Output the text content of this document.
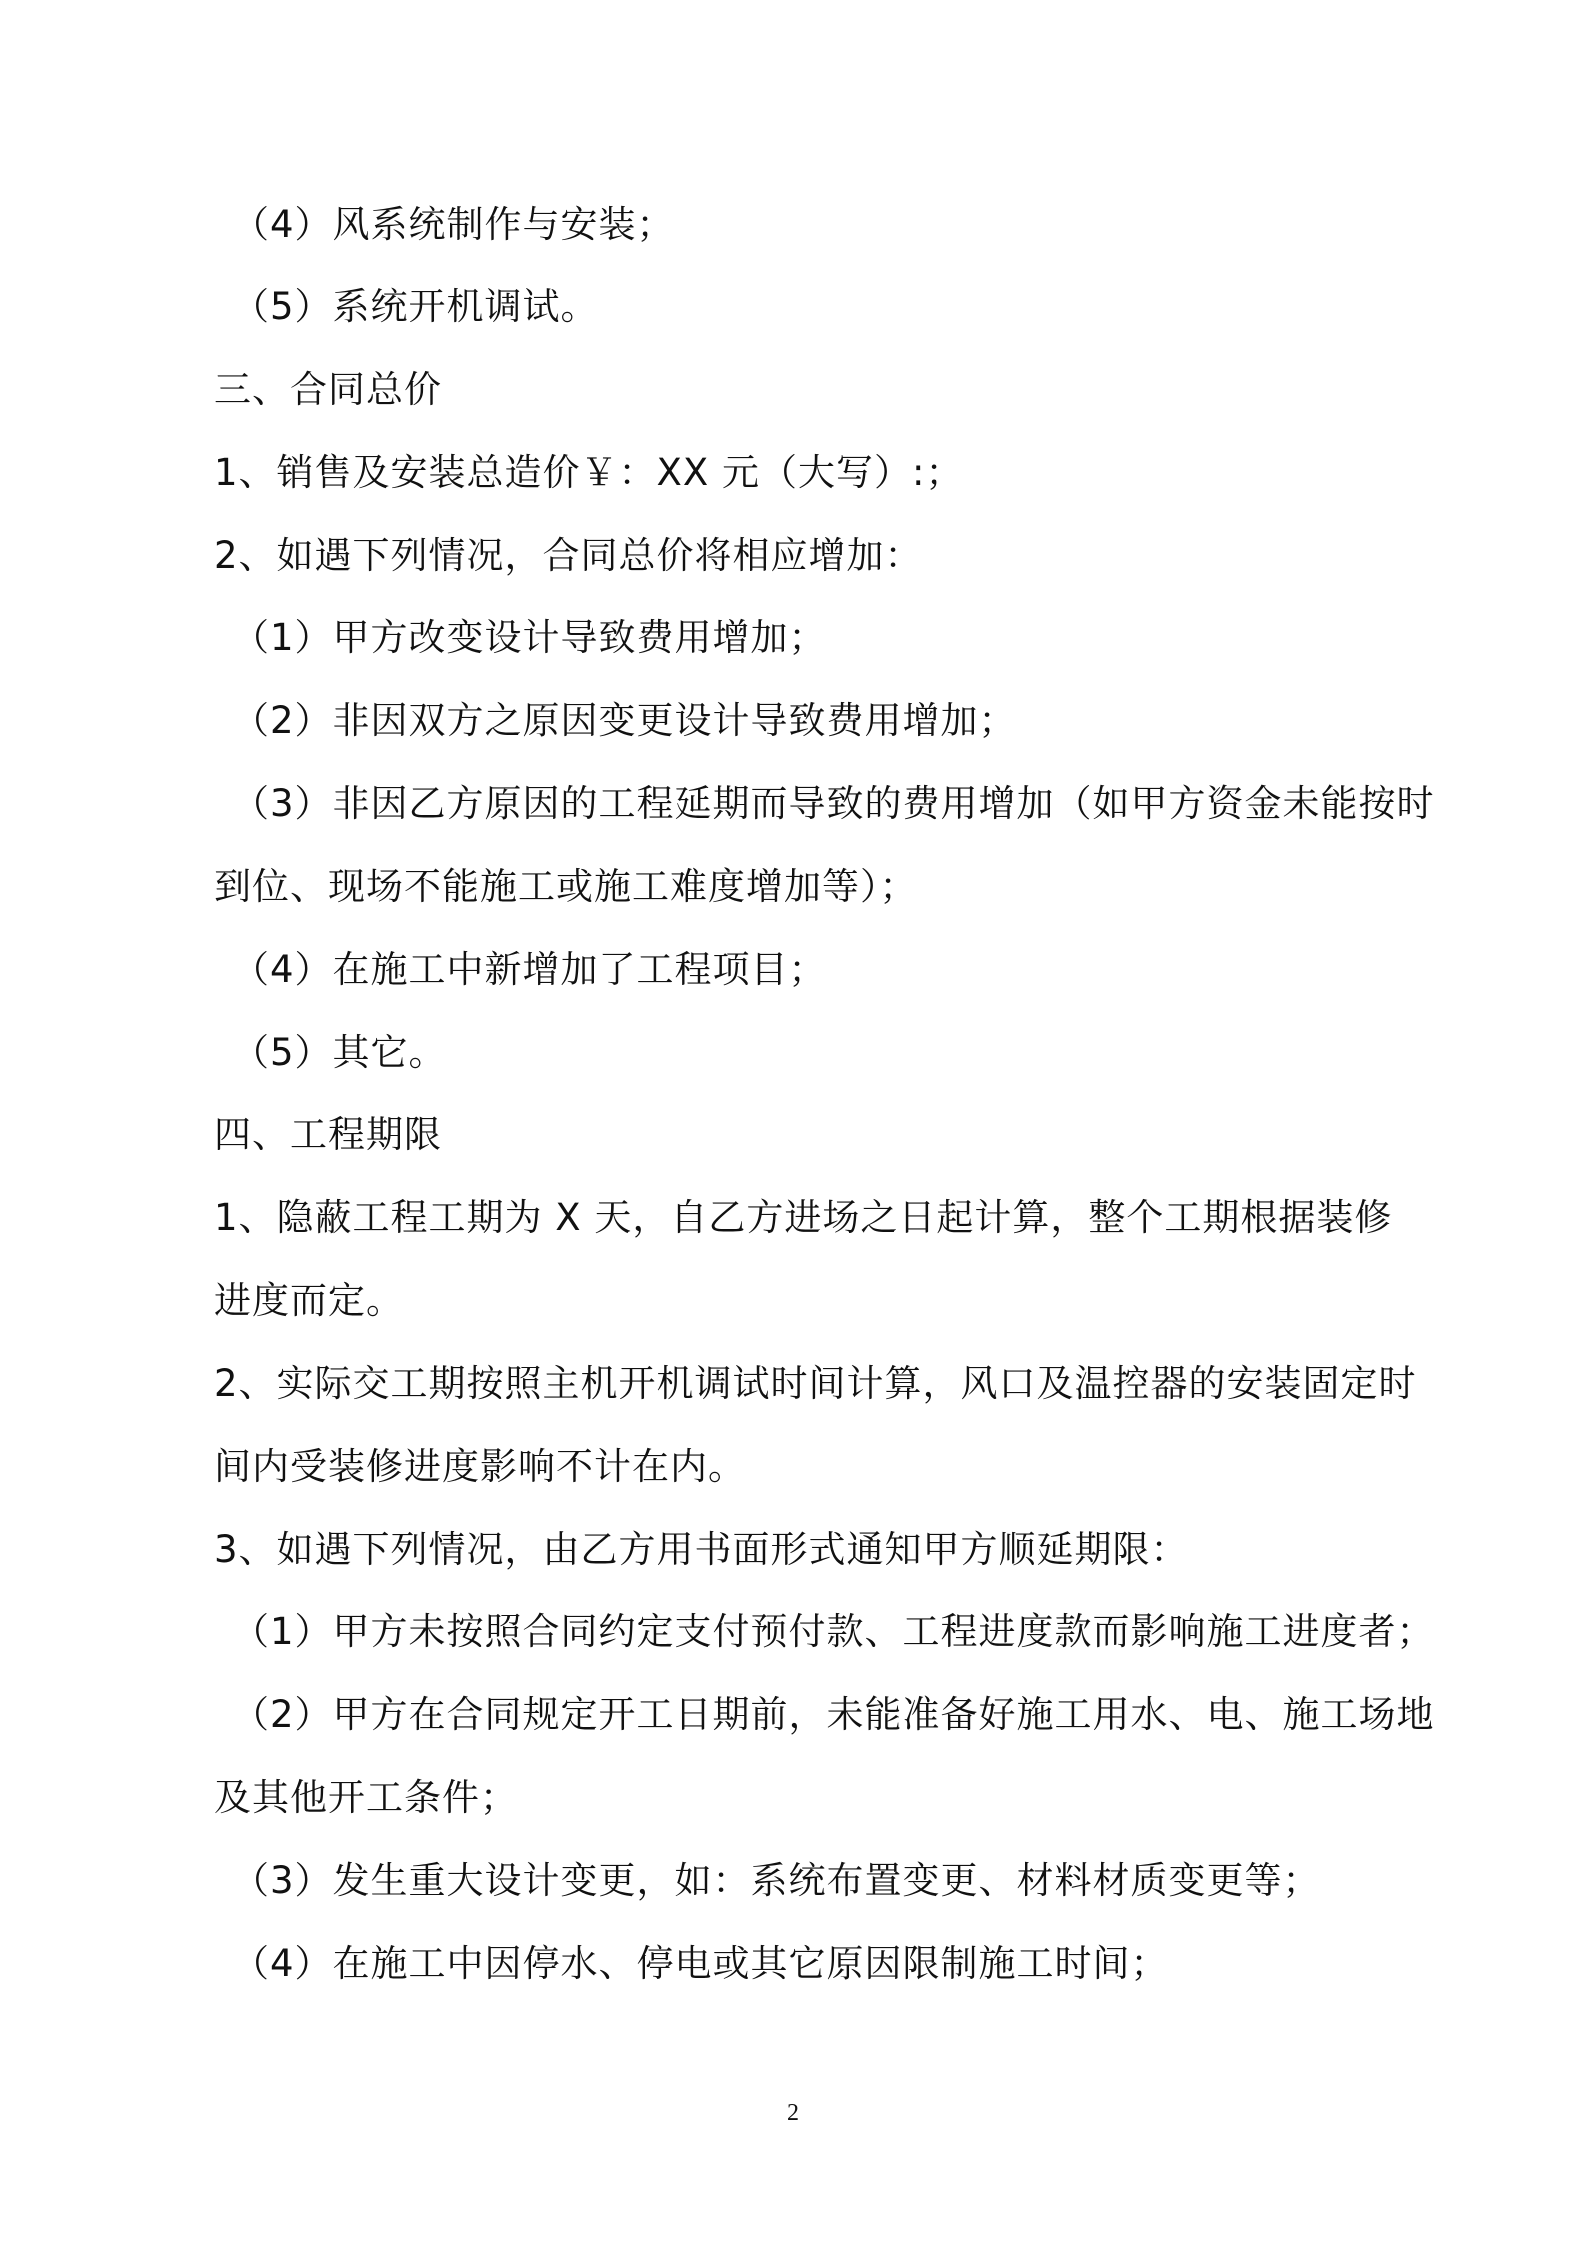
（4）风系统制作与安装；
（5）系统开机调试。
三、合同总价
1、销售及安装总造价￥：XX 元（大写）:；
2、如遇下列情况，合同总价将相应增加：
（1）甲方改变设计导致费用增加；
（2）非因双方之原因变更设计导致费用增加；
（3）非因乙方原因的工程延期而导致的费用增加（如甲方资金未能按时
到位、现场不能施工或施工难度增加等）；
（4）在施工中新增加了工程项目；
（5）其它。
四、工程期限
1、隐蔽工程工期为 X 天，自乙方进场之日起计算，整个工期根据装修
进度而定。
2、实际交工期按照主机开机调试时间计算，风口及温控器的安装固定时
间内受装修进度影响不计在内。
3、如遇下列情况，由乙方用书面形式通知甲方顺延期限：
（1）甲方未按照合同约定支付预付款、工程进度款而影响施工进度者；
（2）甲方在合同规定开工日期前，未能准备好施工用水、电、施工场地
及其他开工条件；
（3）发生重大设计变更，如：系统布置变更、材料材质变更等；
（4）在施工中因停水、停电或其它原因限制施工时间；
2
